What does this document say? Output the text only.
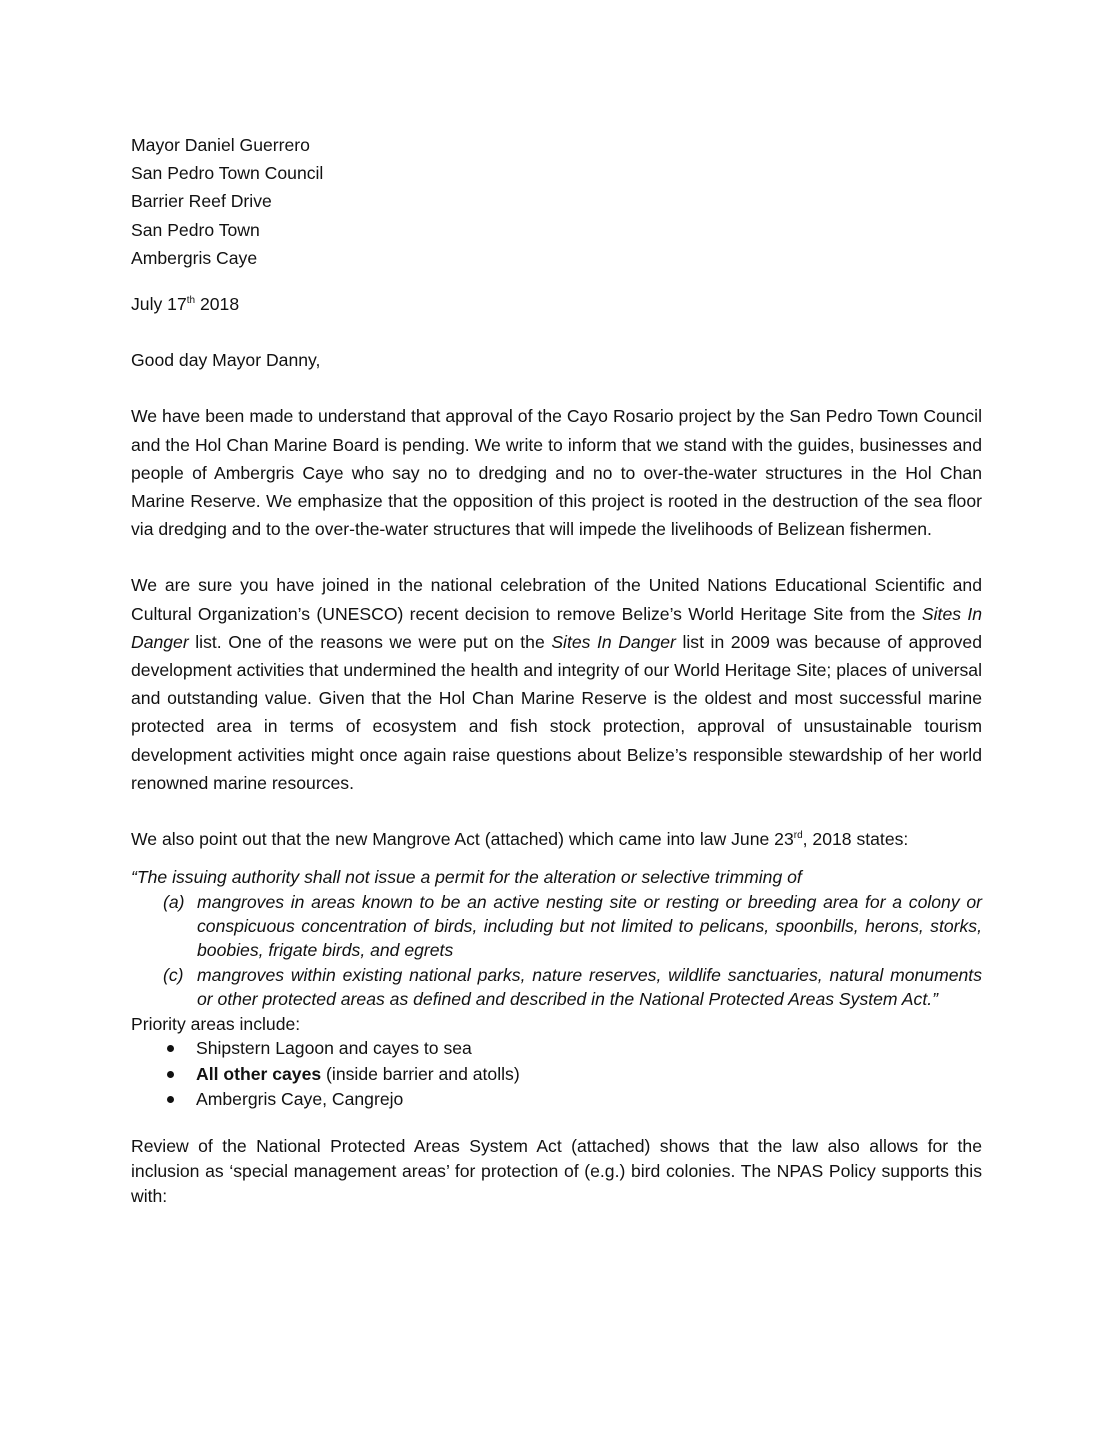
Mayor Daniel Guerrero
San Pedro Town Council
Barrier Reef Drive
San Pedro Town
Ambergris Caye

July 17th 2018

Good day Mayor Danny,

We have been made to understand that approval of the Cayo Rosario project by the San Pedro Town Council and the Hol Chan Marine Board is pending. We write to inform that we stand with the guides, businesses and people of Ambergris Caye who say no to dredging and no to over-the-water structures in the Hol Chan Marine Reserve. We emphasize that the opposition of this project is rooted in the destruction of the sea floor via dredging and to the over-the-water structures that will impede the livelihoods of Belizean fishermen.

We are sure you have joined in the national celebration of the United Nations Educational Scientific and Cultural Organization’s (UNESCO) recent decision to remove Belize’s World Heritage Site from the Sites In Danger list. One of the reasons we were put on the Sites In Danger list in 2009 was because of approved development activities that undermined the health and integrity of our World Heritage Site; places of universal and outstanding value. Given that the Hol Chan Marine Reserve is the oldest and most successful marine protected area in terms of ecosystem and fish stock protection, approval of unsustainable tourism development activities might once again raise questions about Belize’s responsible stewardship of her world renowned marine resources.

We also point out that the new Mangrove Act (attached) which came into law June 23rd, 2018 states:

“The issuing authority shall not issue a permit for the alteration or selective trimming of
(a) mangroves in areas known to be an active nesting site or resting or breeding area for a colony or conspicuous concentration of birds, including but not limited to pelicans, spoonbills, herons, storks, boobies, frigate birds, and egrets
(c) mangroves within existing national parks, nature reserves, wildlife sanctuaries, natural monuments or other protected areas as defined and described in the National Protected Areas System Act.”
Priority areas include:
Shipstern Lagoon and cayes to sea
All other cayes (inside barrier and atolls)
Ambergris Caye, Cangrejo

Review of the National Protected Areas System Act (attached) shows that the law also allows for the inclusion as ‘special management areas’ for protection of (e.g.) bird colonies. The NPAS Policy supports this with:
